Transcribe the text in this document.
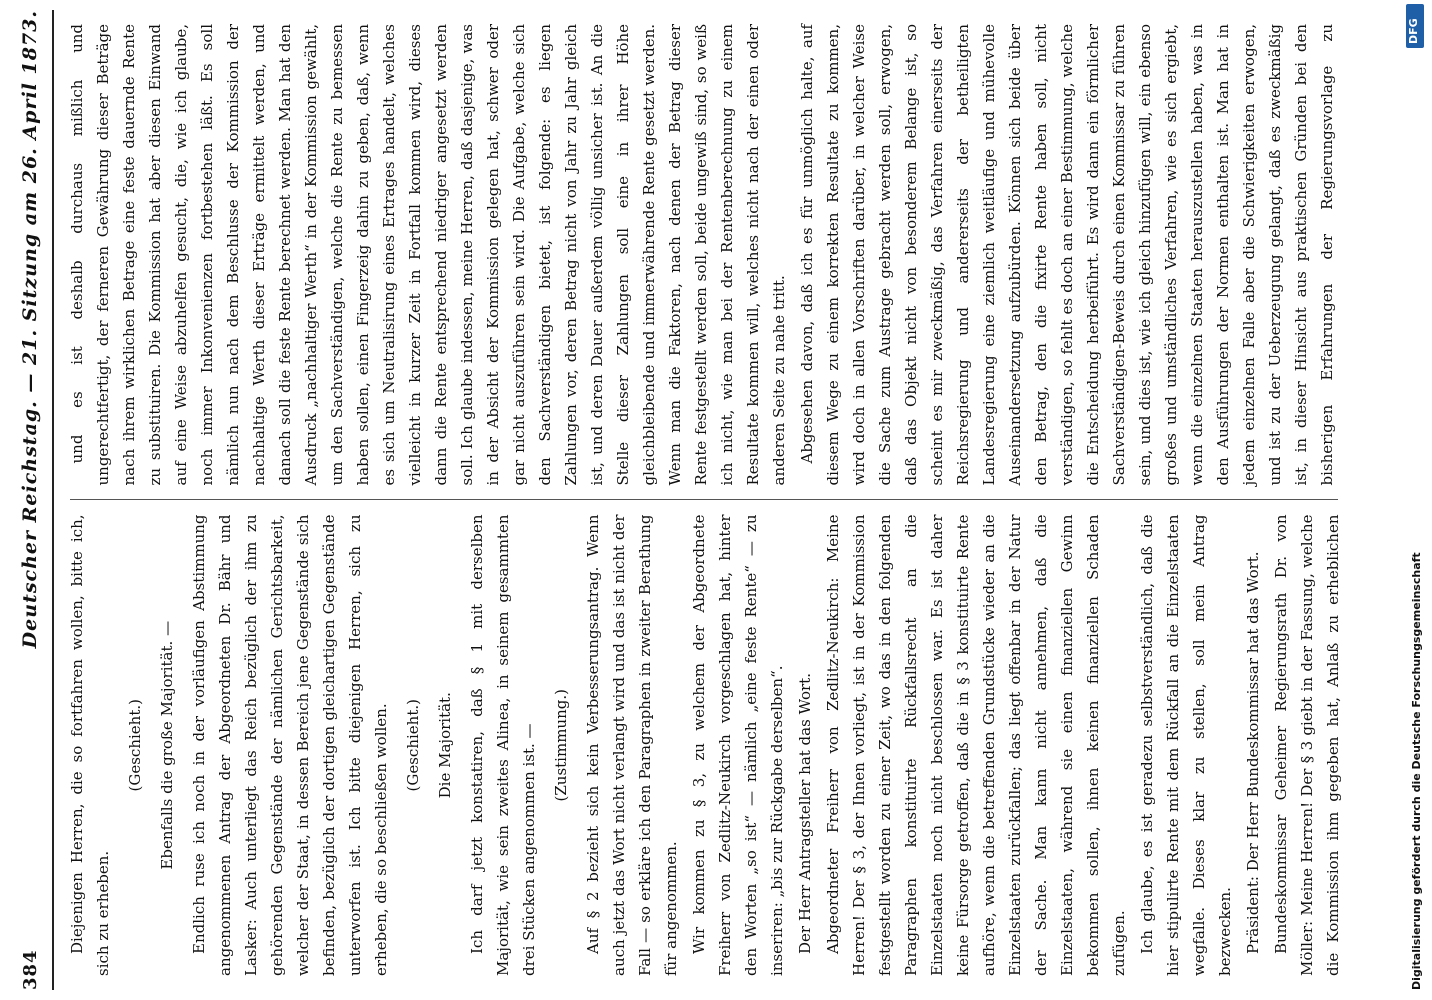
384
Deutscher Reichstag. — 21. Sitzung am 26. April 1873.

Diejenigen Herren, die so fortfahren wollen, bitte ich, sich zu erheben.

(Geschieht.) Ebenfalls die große Majorität. — Endlich ruse ich noch in der vorläufigen Abstimmung angenommenen Antrag der Abgeordneten Dr. Bähr und Lasker: Auch unterliegt das Reich bezüglich der ihm zu gehörenden Gegenstände der nämlichen Gerichtsbarkeit, welcher der Staat, in dessen Bereich jene Gegenstände sich befinden, bezüglich der dortigen gleichartigen Gegenstände unterworfen ist. Ich bitte diejenigen Herren, sich zu erheben, die so beschließen wollen. (Geschieht.) Die Majorität. Ich darf jetzt konstatiren, daß § 1 mit derselben Majorität, wie sein zweites Alinea, in seinem gesammten drei Stücken angenommen ist. — (Zustimmung.) Auf § 2 bezieht sich kein Verbesserungsantrag. Wenn auch jetzt das Wort nicht verlangt wird und das ist nicht der Fall — so erkläre ich den Paragraphen in zweiter Berathung für angenommen. Wir kommen zu § 3, zu welchem der Abgeordnete Freiherr von Zedlitz-Neukirch vorgeschlagen hat, hinter den Worten „so ist“ — nämlich „eine feste Rente“ — zu inseriren: „bis zur Rückgabe derselben“. Der Herr Antragsteller hat das Wort. Abgeordneter Freiherr von Zedlitz-Neukirch: Meine Herren! Der § 3, der Ihnen vorliegt, ist in der Kommission festgestellt worden zu einer Zeit, wo das in den folgenden Paragraphen konstituirte Rückfallsrecht an die Einzelstaaten noch nicht beschlossen war. Es ist daher keine Fürsorge getroffen, daß die in § 3 konstituirte Rente aufhöre, wenn die betreffenden Grundstücke wieder an die Einzelstaaten zurückfallen; das liegt offenbar in der Natur der Sache. Man kann nicht annehmen, daß die Einzelstaaten, während sie einen finanziellen Gewinn bekommen sollen, ihnen keinen finanziellen Schaden zufügen. Ich glaube, es ist geradezu selbstverständlich, daß die hier stipulirte Rente mit dem Rückfall an die Einzelstaaten wegfalle. Dieses klar zu stellen, soll mein Antrag bezwecken. Präsident: Der Herr Bundeskommissar hat das Wort. Bundeskommissar Geheimer Regierungsrath Dr. von Möller: Meine Herren! Der § 3 giebt in der Fassung, welche die Kommission ihm gegeben hat, Anlaß zu erheblichen

und es ist deshalb durchaus mißlich und ungerechtfertigt, der ferneren Gewährung dieser Beträge nach ihrem wirklichen Betrage eine feste dauernde Rente zu substituiren. Die Kommission hat aber diesen Einwand auf eine Weise abzuhelfen gesucht, die, wie ich glaube, noch immer Inkonvenienzen fortbestehen läßt. Es soll nämlich nun nach dem Beschlusse der Kommission der nachhaltige Werth dieser Erträge ermittelt werden, und danach soll die feste Rente berechnet werden. Man hat den Ausdruck „nachhaltiger Werth“ in der Kommission gewählt, um den Sachverständigen, welche die Rente zu bemessen haben sollen, einen Fingerzeig dahin zu geben, daß, wenn es sich um Neutralisirung eines Ertrages handelt, welches vielleicht in kurzer Zeit in Fortfall kommen wird, dieses dann die Rente entsprechend niedriger angesetzt werden soll. Ich glaube indessen, meine Herren, daß dasjenige, was in der Absicht der Kommission gelegen hat, schwer oder gar nicht auszuführen sein wird. Die Aufgabe, welche sich den Sachverständigen bietet, ist folgende: es liegen Zahlungen vor, deren Betrag nicht von Jahr zu Jahr gleich ist, und deren Dauer außerdem völlig unsicher ist. An die Stelle dieser Zahlungen soll eine in ihrer Höhe gleichbleibende und immerwährende Rente gesetzt werden. Wenn man die Faktoren, nach denen der Betrag dieser Rente festgestellt werden soll, beide ungewiß sind, so weiß ich nicht, wie man bei der Rentenberechnung zu einem Resultate kommen will, welches nicht nach der einen oder anderen Seite zu nahe tritt. Abgesehen davon, daß ich es für unmöglich halte, auf diesem Wege zu einem korrekten Resultate zu kommen, wird doch in allen Vorschriften darüber, in welcher Weise die Sache zum Austrage gebracht werden soll, erwogen, daß das Objekt nicht von besonderem Belange ist, so scheint es mir zweckmäßig, das Verfahren einerseits der Reichsregierung und andererseits der betheiligten Landesregierung eine ziemlich weitläufige und mühevolle Auseinandersetzung aufzubürden. Können sich beide über den Betrag, den die fixirte Rente haben soll, nicht verständigen, so fehlt es doch an einer Bestimmung, welche die Entscheidung herbeiführt. Es wird dann ein förmlicher Sachverständigen-Beweis durch einen Kommissar zu führen sein, und dies ist, wie ich gleich hinzufügen will, ein ebenso großes und umständliches Verfahren, wie es sich ergiebt, wenn die einzelnen Staaten herauszustellen haben, was in den Ausführungen der Normen enthalten ist. Man hat in jedem einzelnen Falle aber die Schwierigkeiten erwogen, und ist zu der Ueberzeugung gelangt, daß es zweckmäßig ist, in dieser Hinsicht aus praktischen Gründen bei den bisherigen Erfahrungen der Regierungsvorlage zu	DFG
Digitalisierung gefördert durch die Deutsche Forschungsgemeinschaft
